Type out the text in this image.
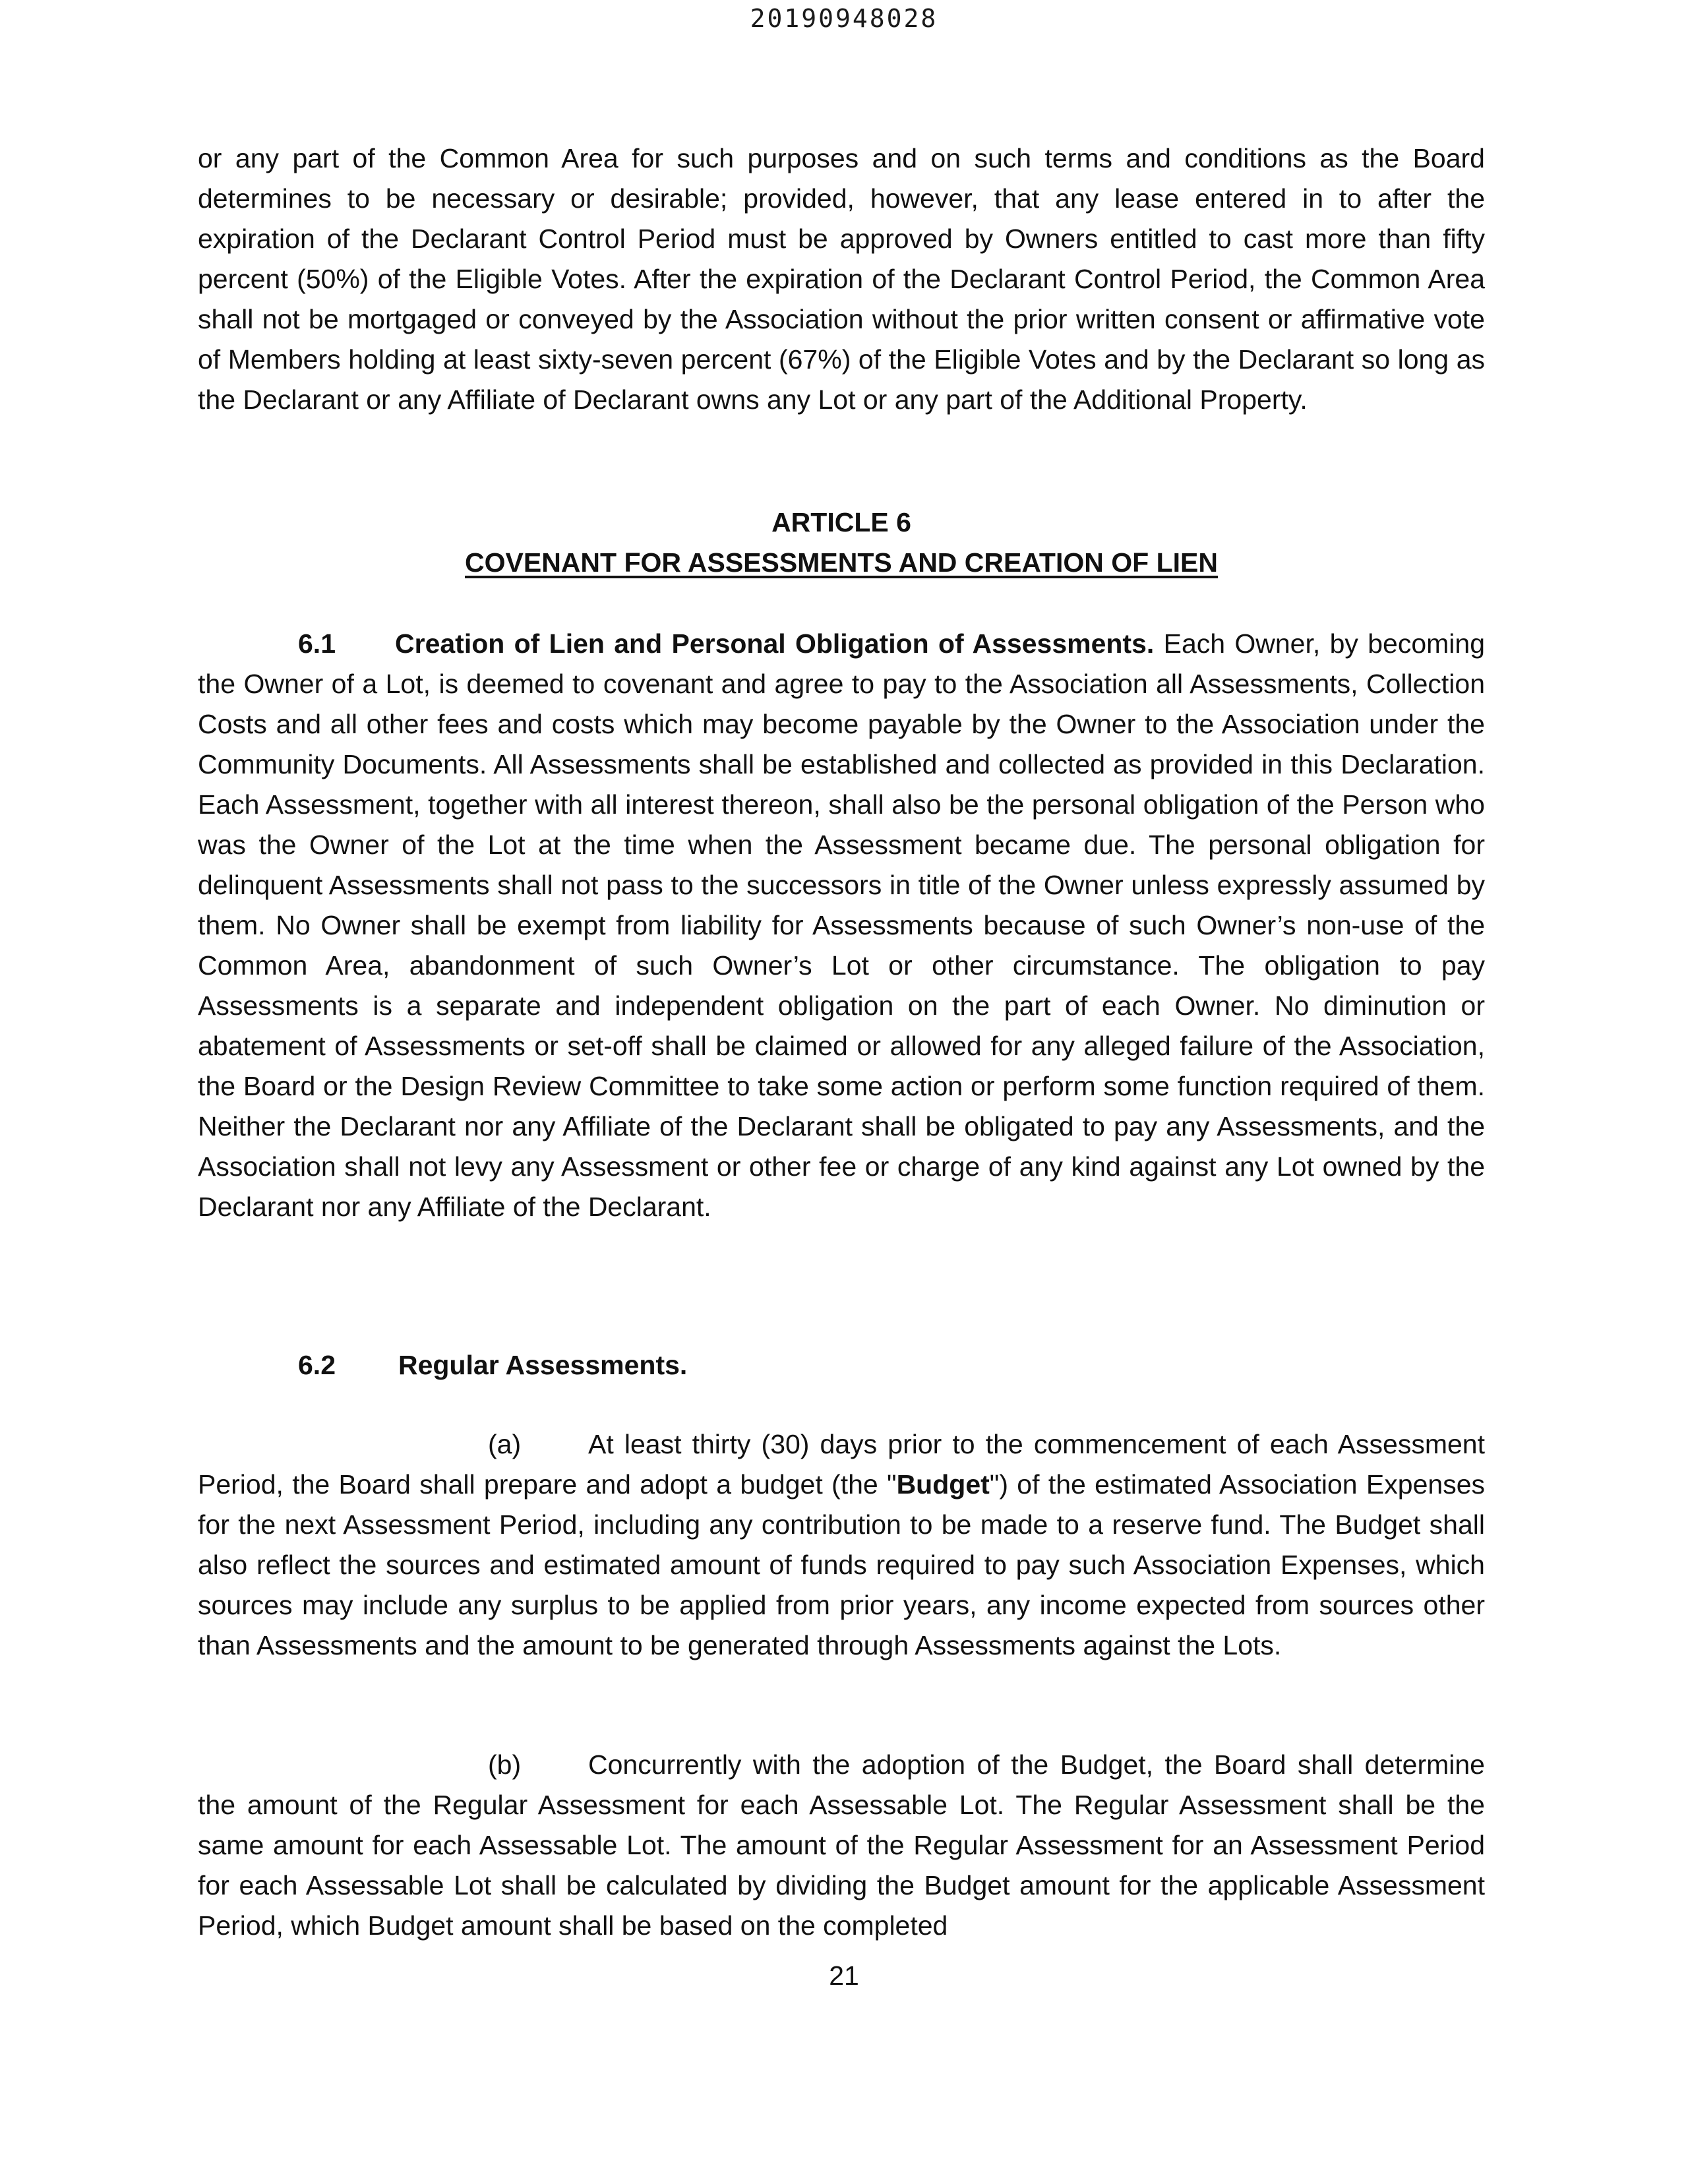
20190948028

or any part of the Common Area for such purposes and on such terms and conditions as the Board determines to be necessary or desirable; provided, however, that any lease entered in to after the expiration of the Declarant Control Period must be approved by Owners entitled to cast more than fifty percent (50%) of the Eligible Votes. After the expiration of the Declarant Control Period, the Common Area shall not be mortgaged or conveyed by the Association without the prior written consent or affirmative vote of Members holding at least sixty-seven percent (67%) of the Eligible Votes and by the Declarant so long as the Declarant or any Affiliate of Declarant owns any Lot or any part of the Additional Property.

ARTICLE 6

COVENANT FOR ASSESSMENTS AND CREATION OF LIEN

6.1 Creation of Lien and Personal Obligation of Assessments. Each Owner, by becoming the Owner of a Lot, is deemed to covenant and agree to pay to the Association all Assessments, Collection Costs and all other fees and costs which may become payable by the Owner to the Association under the Community Documents. All Assessments shall be established and collected as provided in this Declaration. Each Assessment, together with all interest thereon, shall also be the personal obligation of the Person who was the Owner of the Lot at the time when the Assessment became due. The personal obligation for delinquent Assessments shall not pass to the successors in title of the Owner unless expressly assumed by them. No Owner shall be exempt from liability for Assessments because of such Owner’s non-use of the Common Area, abandonment of such Owner’s Lot or other circumstance. The obligation to pay Assessments is a separate and independent obligation on the part of each Owner. No diminution or abatement of Assessments or set-off shall be claimed or allowed for any alleged failure of the Association, the Board or the Design Review Committee to take some action or perform some function required of them. Neither the Declarant nor any Affiliate of the Declarant shall be obligated to pay any Assessments, and the Association shall not levy any Assessment or other fee or charge of any kind against any Lot owned by the Declarant nor any Affiliate of the Declarant.

6.2 Regular Assessments.

(a) At least thirty (30) days prior to the commencement of each Assessment Period, the Board shall prepare and adopt a budget (the "Budget") of the estimated Association Expenses for the next Assessment Period, including any contribution to be made to a reserve fund. The Budget shall also reflect the sources and estimated amount of funds required to pay such Association Expenses, which sources may include any surplus to be applied from prior years, any income expected from sources other than Assessments and the amount to be generated through Assessments against the Lots.

(b) Concurrently with the adoption of the Budget, the Board shall determine the amount of the Regular Assessment for each Assessable Lot. The Regular Assessment shall be the same amount for each Assessable Lot. The amount of the Regular Assessment for an Assessment Period for each Assessable Lot shall be calculated by dividing the Budget amount for the applicable Assessment Period, which Budget amount shall be based on the completed

21
